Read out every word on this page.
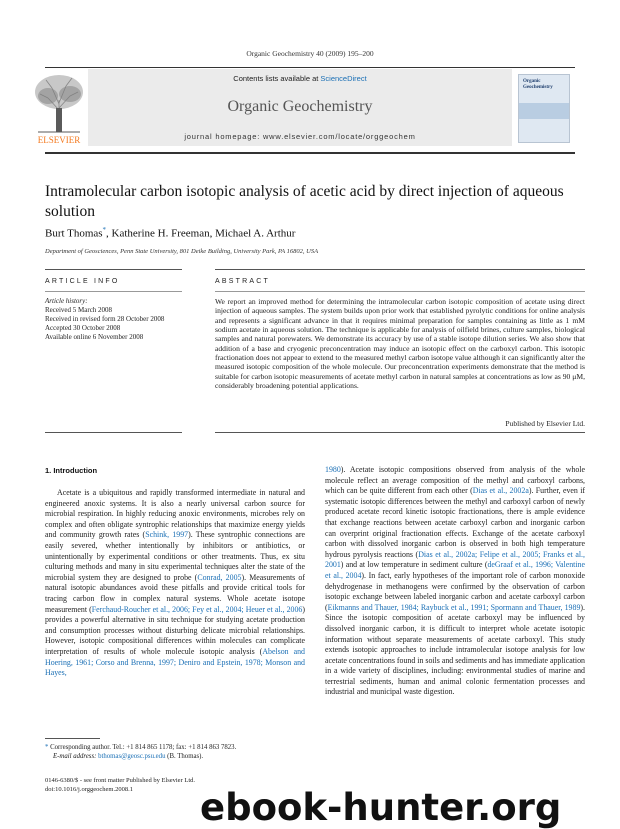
Organic Geochemistry 40 (2009) 195–200
ELSEVIER
Contents lists available at ScienceDirect
Organic Geochemistry
journal homepage: www.elsevier.com/locate/orggeochem
Organic
Geochemistry
Intramolecular carbon isotopic analysis of acetic acid by direct injection of aqueous solution
Burt Thomas*, Katherine H. Freeman, Michael A. Arthur
Department of Geosciences, Penn State University, 801 Deike Building, University Park, PA 16802, USA
ARTICLE INFO	ABSTRACT
Article history:
Received 5 March 2008
Received in revised form 28 October 2008
Accepted 30 October 2008
Available online 6 November 2008
We report an improved method for determining the intramolecular carbon isotopic composition of acetate using direct injection of aqueous samples. The system builds upon prior work that established pyrolytic conditions for online analysis and represents a significant advance in that it requires minimal preparation for samples containing as little as 1 mM sodium acetate in aqueous solution. The technique is applicable for analysis of oilfield brines, culture samples, biological samples and natural porewaters. We demonstrate its accuracy by use of a stable isotope dilution series. We also show that addition of a base and cryogenic preconcentration may induce an isotopic effect on the carboxyl carbon. This isotopic fractionation does not appear to extend to the measured methyl carbon isotope value although it can significantly alter the measured isotopic composition of the whole molecule. Our preconcentration experiments demonstrate that the method is suitable for carbon isotopic measurements of acetate methyl carbon in natural samples at concentrations as low as 90 μM, considerably broadening potential applications.
Published by Elsevier Ltd.
1. Introduction

Acetate is a ubiquitous and rapidly transformed intermediate in natural and engineered anoxic systems. It is also a nearly universal carbon source for microbial respiration. In highly reducing anoxic environments, microbes rely on complex and often obligate syntrophic relationships that maximize energy yields and community growth rates (Schink, 1997). These syntrophic connections are easily severed, whether intentionally by inhibitors or antibiotics, or unintentionally by experimental conditions or other treatments. Thus, ex situ culturing methods and many in situ experimental techniques alter the state of the microbial system they are designed to probe (Conrad, 2005). Measurements of natural isotopic abundances avoid these pitfalls and provide critical tools for tracing carbon flow in complex natural systems. Whole acetate isotope measurement (Ferchaud-Roucher et al., 2006; Fey et al., 2004; Heuer et al., 2006) provides a powerful alternative in situ technique for studying acetate production and consumption processes without disturbing delicate microbial relationships. However, isotopic compositional differences within molecules can complicate interpretation of results of whole molecule isotopic analysis (Abelson and Hoering, 1961; Corso and Brenna, 1997; Deniro and Epstein, 1978; Monson and Hayes,

1980). Acetate isotopic compositions observed from analysis of the whole molecule reflect an average composition of the methyl and carboxyl carbons, which can be quite different from each other (Dias et al., 2002a). Further, even if systematic isotopic differences between the methyl and carboxyl carbon of newly produced acetate record kinetic isotopic fractionations, there is ample evidence that exchange reactions between acetate carboxyl carbon and inorganic carbon can overprint original fractionation effects. Exchange of the acetate carboxyl carbon with dissolved inorganic carbon is observed in both high temperature hydrous pyrolysis reactions (Dias et al., 2002a; Felipe et al., 2005; Franks et al., 2001) and at low temperature in sediment culture (deGraaf et al., 1996; Valentine et al., 2004). In fact, early hypotheses of the important role of carbon monoxide dehydrogenase in methanogens were confirmed by the observation of carbon isotopic exchange between labeled inorganic carbon and acetate carboxyl carbon (Eikmanns and Thauer, 1984; Raybuck et al., 1991; Spormann and Thauer, 1989). Since the isotopic composition of acetate carboxyl may be influenced by dissolved inorganic carbon, it is difficult to interpret whole acetate isotopic information without separate measurements of acetate carboxyl. This study extends isotopic approaches to include intramolecular isotope analysis for low acetate concentrations found in soils and sediments and has immediate application in a wide variety of disciplines, including: environmental studies of marine and terrestrial sediments, human and animal colonic fermentation processes and industrial and municipal waste digestion.

* Corresponding author. Tel.: +1 814 865 1178; fax: +1 814 863 7823.
E-mail address: bthomas@geosc.psu.edu (B. Thomas).
0146-6380/$ - see front matter Published by Elsevier Ltd.
doi:10.1016/j.orggeochem.2008.1	ebook-hunter.org
